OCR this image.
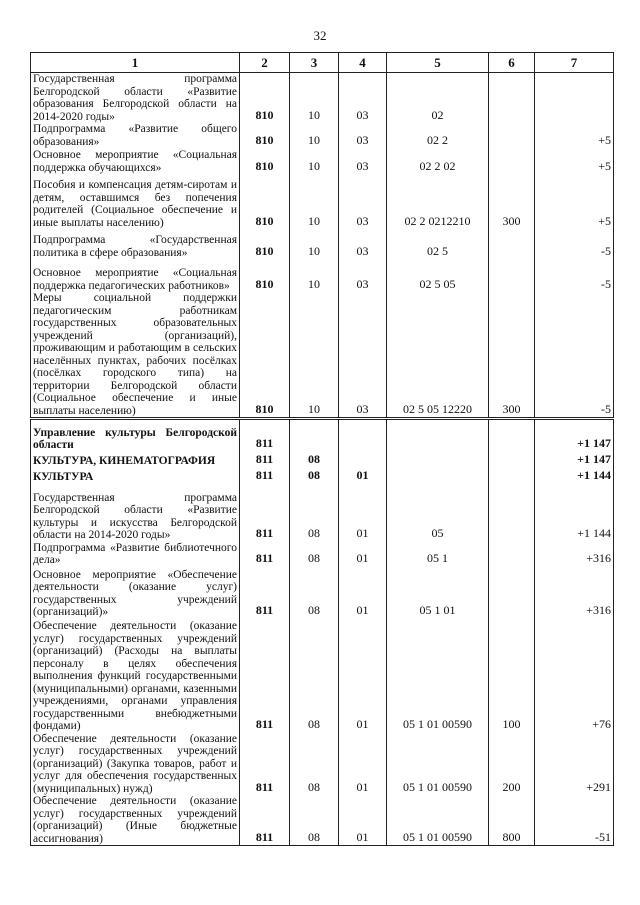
32
1	2	3	4	5	6	7
Государственная программа Белгородской области «Развитие образования Белгородской области на 2014-2020 годы»	810	10	03	02		
Подпрограмма «Развитие общего образования»	810	10	03	02 2		+5
Основное мероприятие «Социальная поддержка обучающихся»	810	10	03	02 2 02		+5
Пособия и компенсация детям-сиротам и детям, оставшимся без попечения родителей (Социальное обеспечение и иные выплаты населению)	810	10	03	02 2 0212210	300	+5
Подпрограмма «Государственная политика в сфере образования»	810	10	03	02 5		-5
Основное мероприятие «Социальная поддержка педагогических работников»	810	10	03	02 5 05		-5
Меры социальной поддержки педагогическим работникам государственных образовательных учреждений (организаций), проживающим и работающим в сельских населённых пунктах, рабочих посёлках (посёлках городского типа) на территории Белгородской области (Социальное обеспечение и иные выплаты населению)	810	10	03	02 5 05 12220	300	-5
Управление культуры Белгородской области	811					+1 147
КУЛЬТУРА, КИНЕМАТОГРАФИЯ	811	08				+1 147
КУЛЬТУРА	811	08	01			+1 144
Государственная программа Белгородской области «Развитие культуры и искусства Белгородской области на 2014-2020 годы»	811	08	01	05		+1 144
Подпрограмма «Развитие библиотечного дела»	811	08	01	05 1		+316
Основное мероприятие «Обеспечение деятельности (оказание услуг) государственных учреждений (организаций)»	811	08	01	05 1 01		+316
Обеспечение деятельности (оказание услуг) государственных учреждений (организаций) (Расходы на выплаты персоналу в целях обеспечения выполнения функций государственными (муниципальными) органами, казенными учреждениями, органами управления государственными внебюджетными фондами)	811	08	01	05 1 01 00590	100	+76
Обеспечение деятельности (оказание услуг) государственных учреждений (организаций) (Закупка товаров, работ и услуг для обеспечения государственных (муниципальных) нужд)	811	08	01	05 1 01 00590	200	+291
Обеспечение деятельности (оказание услуг) государственных учреждений (организаций) (Иные бюджетные ассигнования)	811	08	01	05 1 01 00590	800	-51
